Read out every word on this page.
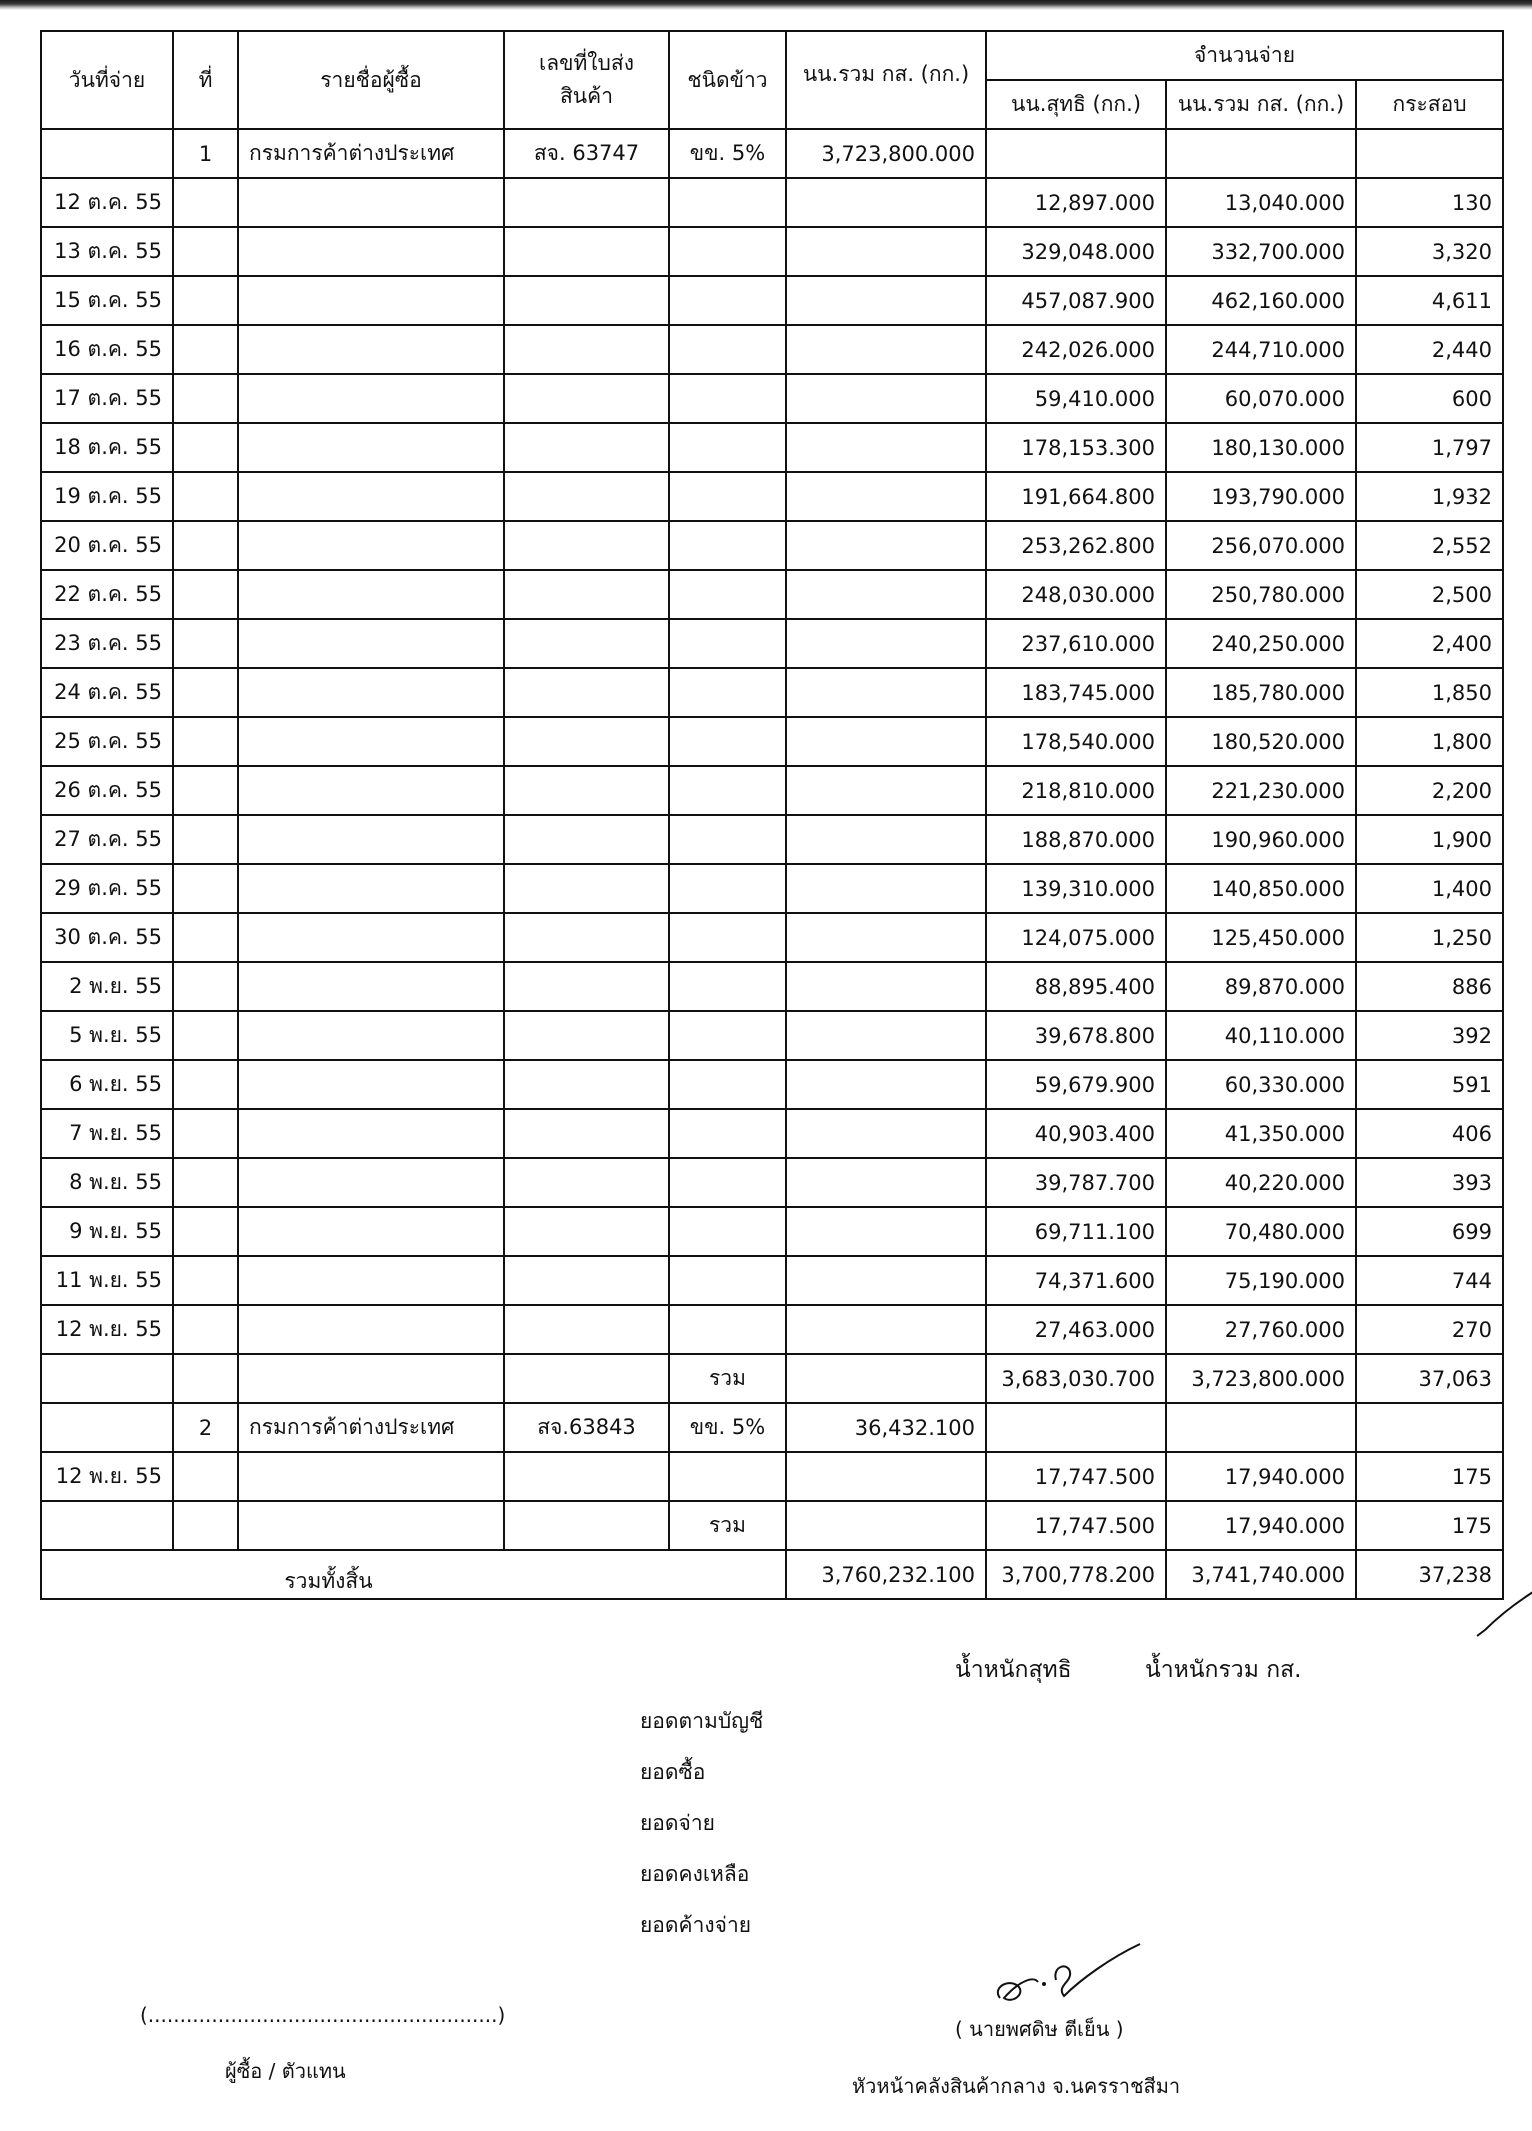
วันที่จ่าย	ที่	รายชื่อผู้ซื้อ	เลขที่ใบส่ง
สินค้า	ชนิดข้าว	นน.รวม กส. (กก.)	จำนวนจ่าย		
						นน.สุทธิ (กก.)	นน.รวม กส. (กก.)	กระสอบ
	1	กรมการค้าต่างประเทศ	สจ. 63747	ขข. 5%	3,723,800.000			
12 ต.ค. 55						12,897.000	13,040.000	130
13 ต.ค. 55						329,048.000	332,700.000	3,320
15 ต.ค. 55						457,087.900	462,160.000	4,611
16 ต.ค. 55						242,026.000	244,710.000	2,440
17 ต.ค. 55						59,410.000	60,070.000	600
18 ต.ค. 55						178,153.300	180,130.000	1,797
19 ต.ค. 55						191,664.800	193,790.000	1,932
20 ต.ค. 55						253,262.800	256,070.000	2,552
22 ต.ค. 55						248,030.000	250,780.000	2,500
23 ต.ค. 55						237,610.000	240,250.000	2,400
24 ต.ค. 55						183,745.000	185,780.000	1,850
25 ต.ค. 55						178,540.000	180,520.000	1,800
26 ต.ค. 55						218,810.000	221,230.000	2,200
27 ต.ค. 55						188,870.000	190,960.000	1,900
29 ต.ค. 55						139,310.000	140,850.000	1,400
30 ต.ค. 55						124,075.000	125,450.000	1,250
2 พ.ย. 55						88,895.400	89,870.000	886
5 พ.ย. 55						39,678.800	40,110.000	392
6 พ.ย. 55						59,679.900	60,330.000	591
7 พ.ย. 55						40,903.400	41,350.000	406
8 พ.ย. 55						39,787.700	40,220.000	393
9 พ.ย. 55						69,711.100	70,480.000	699
11 พ.ย. 55						74,371.600	75,190.000	744
12 พ.ย. 55						27,463.000	27,760.000	270
				รวม		3,683,030.700	3,723,800.000	37,063
	2	กรมการค้าต่างประเทศ	สจ.63843	ขข. 5%	36,432.100			
12 พ.ย. 55						17,747.500	17,940.000	175
				รวม		17,747.500	17,940.000	175
รวมทั้งสิ้น					3,760,232.100	3,700,778.200	3,741,740.000	37,238
น้ำหนักสุทธิ	น้ำหนักรวม กส.
ยอดตามบัญชี
ยอดซื้อ
ยอดจ่าย
ยอดคงเหลือ
ยอดค้างจ่าย
(.......................................................)
ผู้ซื้อ / ตัวแทน
( นายพศดิษ ตีเย็น )
หัวหน้าคลังสินค้ากลาง จ.นครราชสีมา
